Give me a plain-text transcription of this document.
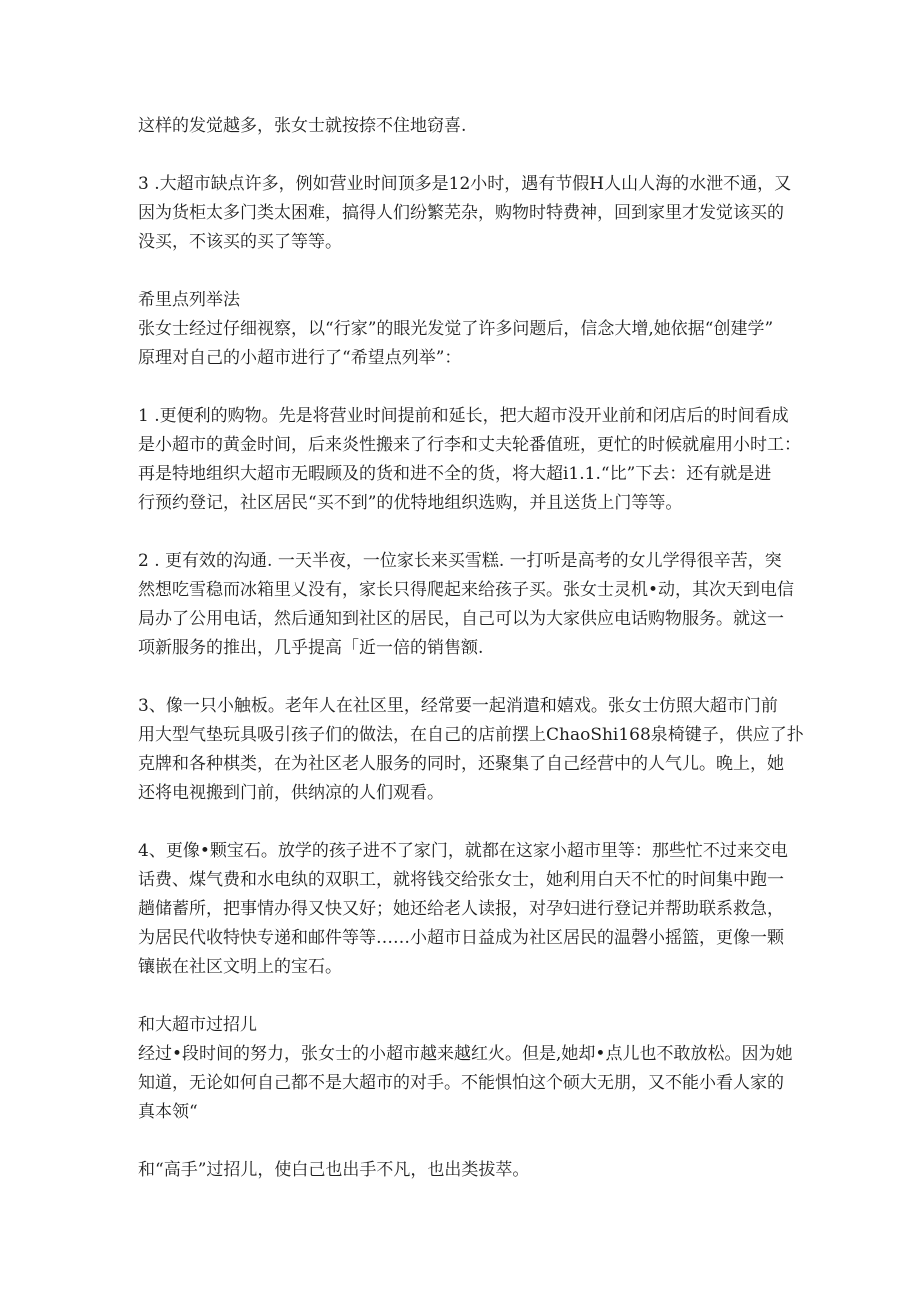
这样的发觉越多，张女士就按捺不住地窃喜.
3 .大超市缺点许多，例如营业时间顶多是12小时，遇有节假H人山人海的水泄不通，又
因为货柜太多门类太困难，搞得人们纷繁芜杂，购物时特费神，回到家里才发觉该买的
没买，不该买的买了等等。
希里点列举法
张女士经过仔细视察，以“行家”的眼光发觉了许多问题后，信念大增,她依据“创建学”
原理对自己的小超市进行了“希望点列举”：
1 .更便利的购物。先是将营业时间提前和延长，把大超市没开业前和闭店后的时间看成
是小超市的黄金时间，后来炎性搬来了行李和丈夫轮番值班，更忙的时候就雇用小时工：
再是特地组织大超市无暇顾及的货和进不全的货，将大超i1.1.“比”下去：还有就是进
行预约登记，社区居民“买不到”的优特地组织选购，并且送货上门等等。
2 . 更有效的沟通. 一天半夜，一位家长来买雪糕. 一打听是高考的女儿学得很辛苦，突
然想吃雪稳而冰箱里乂没有，家长只得爬起来给孩子买。张女士灵机•动，其次天到电信
局办了公用电话，然后通知到社区的居民，自己可以为大家供应电话购物服务。就这一
项新服务的推出，几乎提高「近一倍的销售额.
3、像一只小触板。老年人在社区里，经常要一起消遣和嬉戏。张女士仿照大超市门前
用大型气垫玩具吸引孩子们的做法，在自己的店前摆上ChaoShi168泉椅键子，供应了扑
克牌和各种棋类，在为社区老人服务的同时，还聚集了自己经营中的人气儿。晚上，她
还将电视搬到门前，供纳凉的人们观看。
4、更像•颗宝石。放学的孩子进不了家门，就都在这家小超市里等：那些忙不过来交电
话费、煤气费和水电纨的双职工，就将钱交给张女士，她利用白天不忙的时间集中跑一
趟储蓄所，把事情办得又快又好；她还给老人读报，对孕妇进行登记并帮助联系救急，
为居民代收特快专递和邮件等等……小超市日益成为社区居民的温磬小摇篮，更像一颗
镶嵌在社区文明上的宝石。
和大超市过招儿
经过•段时间的努力，张女士的小超市越来越红火。但是,她却•点儿也不敢放松。因为她
知道，无论如何自己都不是大超市的对手。不能惧怕这个硕大无朋，又不能小看人家的
真本领“
和“高手”过招儿，使白己也出手不凡，也出类拔萃。
